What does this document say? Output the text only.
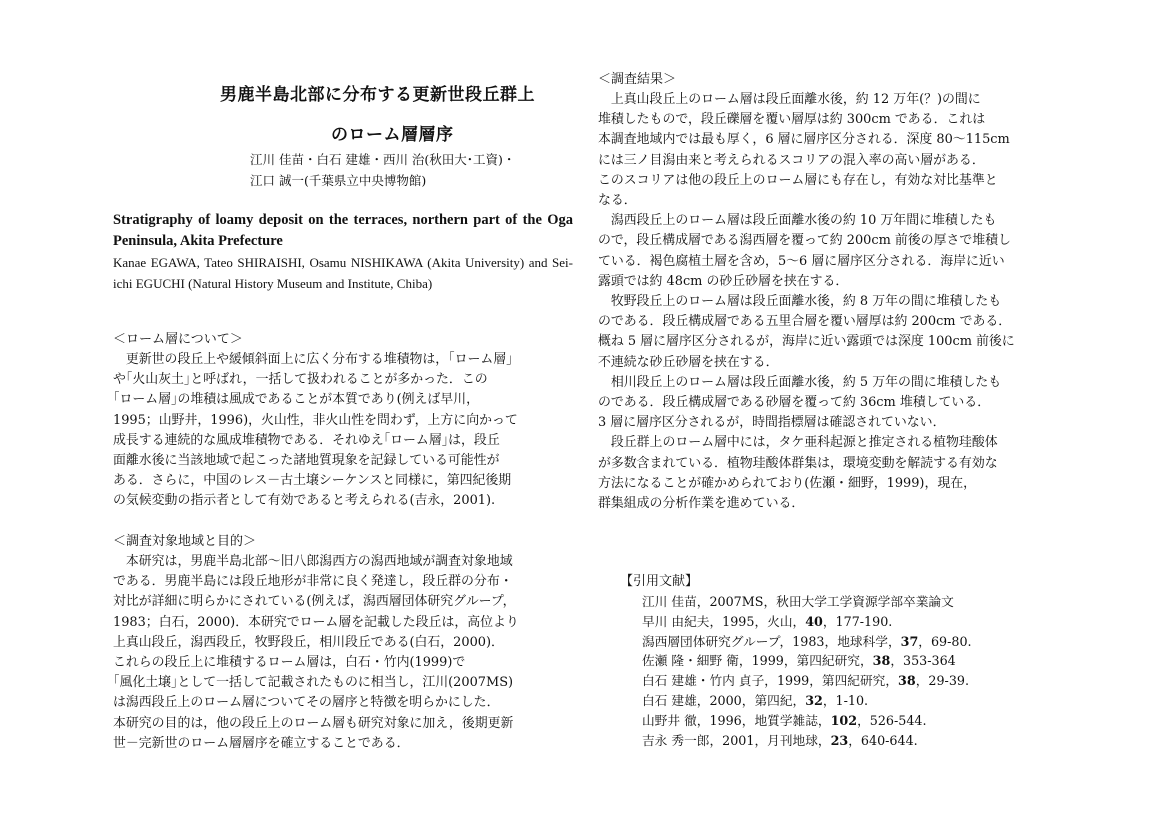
男鹿半島北部に分布する更新世段丘群上
のローム層層序
江川 佳苗・白石 建雄・西川 治(秋田大･工資)・
江口 誠一(千葉県立中央博物館)
Stratigraphy of loamy deposit on the terraces, northern part of the Oga Peninsula, Akita Prefecture
Kanae EGAWA, Tateo SHIRAISHI, Osamu NISHIKAWA (Akita University) and Sei-ichi EGUCHI (Natural History Museum and Institute, Chiba)
＜ローム層について＞
　更新世の段丘上や緩傾斜面上に広く分布する堆積物は，｢ローム層｣
や｢火山灰土｣と呼ばれ，一括して扱われることが多かった．この
｢ローム層｣の堆積は風成であることが本質であり(例えば早川，
1995；山野井，1996)，火山性，非火山性を問わず，上方に向かって
成長する連続的な風成堆積物である．それゆえ｢ローム層｣は，段丘
面離水後に当該地域で起こった諸地質現象を記録している可能性が
ある．さらに，中国のレス－古土壌シーケンスと同様に，第四紀後期
の気候変動の指示者として有効であると考えられる(吉永，2001).
＜調査対象地域と目的＞
　本研究は，男鹿半島北部～旧八郎潟西方の潟西地域が調査対象地域
である．男鹿半島には段丘地形が非常に良く発達し，段丘群の分布・
対比が詳細に明らかにされている(例えば，潟西層団体研究グループ，
1983；白石，2000)．本研究でローム層を記載した段丘は，高位より
上真山段丘，潟西段丘，牧野段丘，相川段丘である(白石，2000)．
これらの段丘上に堆積するローム層は，白石・竹内(1999)で
｢風化土壌｣として一括して記載されたものに相当し，江川(2007MS)
は潟西段丘上のローム層についてその層序と特徴を明らかにした．
本研究の目的は，他の段丘上のローム層も研究対象に加え，後期更新
世－完新世のローム層層序を確立することである．
＜調査結果＞
　上真山段丘上のローム層は段丘面離水後，約 12 万年(？)の間に
堆積したもので，段丘礫層を覆い層厚は約 300cm である．これは
本調査地域内では最も厚く，6 層に層序区分される．深度 80～115cm
には三ノ目潟由来と考えられるスコリアの混入率の高い層がある．
このスコリアは他の段丘上のローム層にも存在し，有効な対比基準と
なる．
　潟西段丘上のローム層は段丘面離水後の約 10 万年間に堆積したも
ので，段丘構成層である潟西層を覆って約 200cm 前後の厚さで堆積し
ている．褐色腐植土層を含め，5～6 層に層序区分される．海岸に近い
露頭では約 48cm の砂丘砂層を挟在する．
　牧野段丘上のローム層は段丘面離水後，約 8 万年の間に堆積したも
のである．段丘構成層である五里合層を覆い層厚は約 200cm である．
概ね 5 層に層序区分されるが，海岸に近い露頭では深度 100cm 前後に
不連続な砂丘砂層を挟在する．
　相川段丘上のローム層は段丘面離水後，約 5 万年の間に堆積したも
のである．段丘構成層である砂層を覆って約 36cm 堆積している．
3 層に層序区分されるが，時間指標層は確認されていない．
　段丘群上のローム層中には，タケ亜科起源と推定される植物珪酸体
が多数含まれている．植物珪酸体群集は，環境変動を解読する有効な
方法になることが確かめられており(佐瀬・細野，1999)，現在，
群集組成の分析作業を進めている．
【引用文献】
江川 佳苗，2007MS，秋田大学工学資源学部卒業論文
早川 由紀夫，1995，火山， 40 ，177-190.
潟西層団体研究グループ，1983，地球科学， 37 ，69-80.
佐瀬 隆・細野 衛，1999，第四紀研究， 38 ，353‐364
白石 建雄・竹内 貞子，1999，第四紀研究， 38 ，29-39.
白石 建雄，2000，第四紀， 32 ，1-10.
山野井 徹，1996，地質学雑誌， 102 ，526-544.
吉永 秀一郎，2001，月刊地球， 23 ，640-644.
